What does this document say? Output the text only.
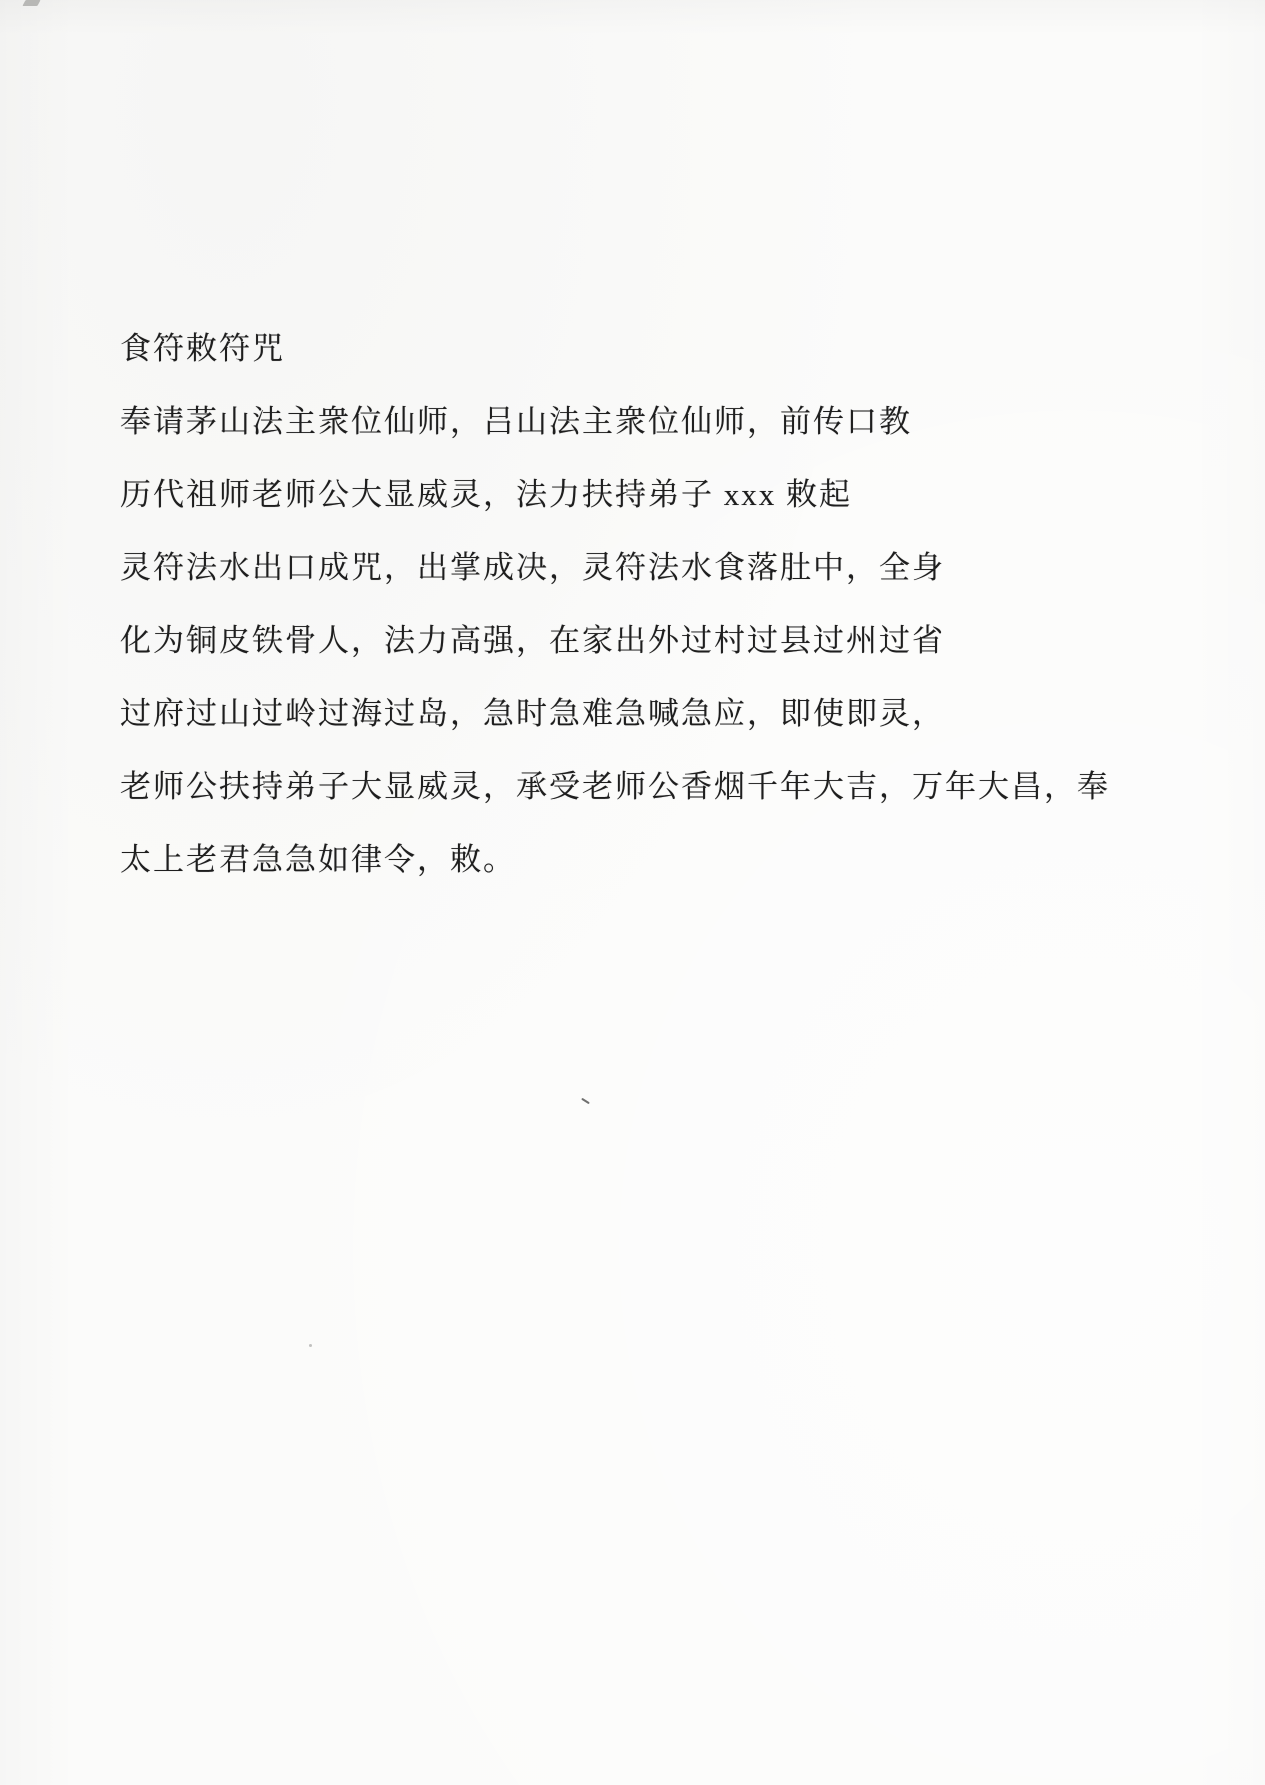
食符敕符咒

奉请茅山法主衆位仙师，吕山法主衆位仙师，前传口教

历代祖师老师公大显威灵，法力扶持弟子 xxx 敕起

灵符法水出口成咒，出掌成决，灵符法水食落肚中，全身

化为铜皮铁骨人，法力高强，在家出外过村过县过州过省

过府过山过岭过海过岛，急时急难急喊急应，即使即灵，

老师公扶持弟子大显威灵，承受老师公香烟千年大吉，万年大昌，奉

太上老君急急如律令，敕。
